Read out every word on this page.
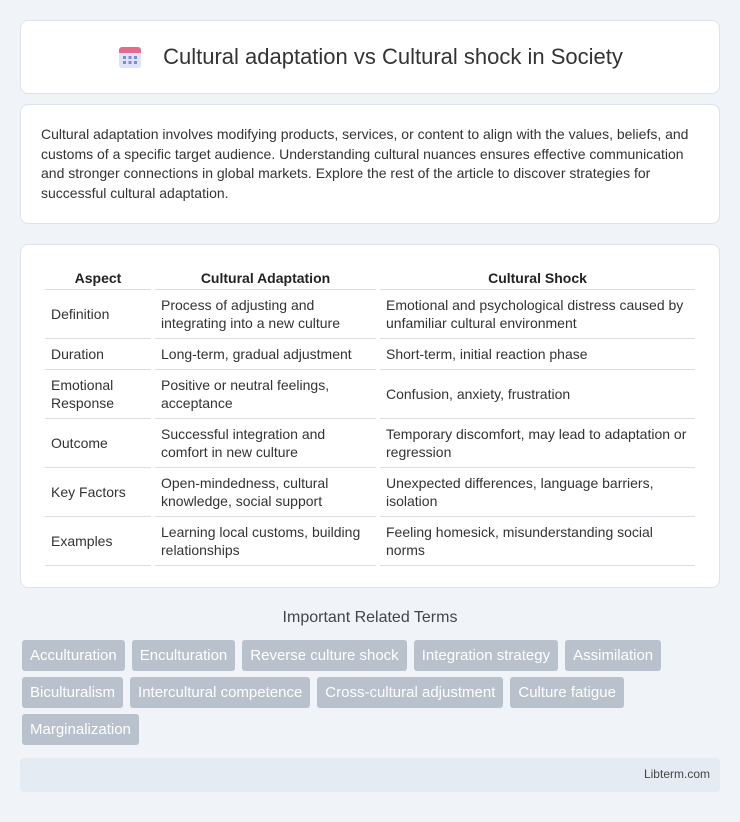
Cultural adaptation vs Cultural shock in Society

Cultural adaptation involves modifying products, services, or content to align with the values, beliefs, and customs of a specific target audience. Understanding cultural nuances ensures effective communication and stronger connections in global markets. Explore the rest of the article to discover strategies for successful cultural adaptation.

Aspect	Cultural Adaptation	Cultural Shock
Definition	Process of adjusting and integrating into a new culture	Emotional and psychological distress caused by unfamiliar cultural environment
Duration	Long-term, gradual adjustment	Short-term, initial reaction phase
Emotional Response	Positive or neutral feelings, acceptance	Confusion, anxiety, frustration
Outcome	Successful integration and comfort in new culture	Temporary discomfort, may lead to adaptation or regression
Key Factors	Open-mindedness, cultural knowledge, social support	Unexpected differences, language barriers, isolation
Examples	Learning local customs, building relationships	Feeling homesick, misunderstanding social norms
Important Related Terms
Acculturation	Enculturation	Reverse culture shock	Integration strategy	Assimilation
Biculturalism	Intercultural competence	Cross-cultural adjustment	Culture fatigue
Marginalization
Libterm.com
